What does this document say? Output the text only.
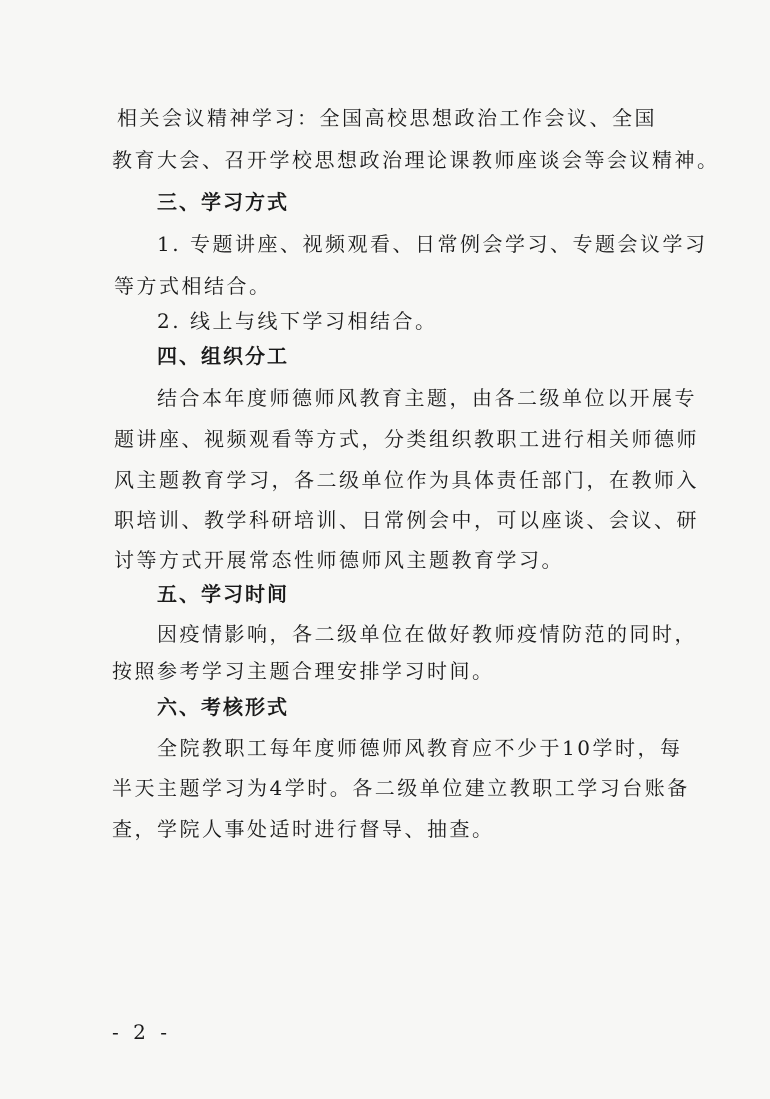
相关会议精神学习：全国高校思想政治工作会议、全国
教育大会、召开学校思想政治理论课教师座谈会等会议精神。
三、学习方式
1. 专题讲座、视频观看、日常例会学习、专题会议学习
等方式相结合。
2. 线上与线下学习相结合。
四、组织分工
结合本年度师德师风教育主题，由各二级单位以开展专
题讲座、视频观看等方式，分类组织教职工进行相关师德师
风主题教育学习，各二级单位作为具体责任部门，在教师入
职培训、教学科研培训、日常例会中，可以座谈、会议、研
讨等方式开展常态性师德师风主题教育学习。
五、学习时间
因疫情影响，各二级单位在做好教师疫情防范的同时，
按照参考学习主题合理安排学习时间。
六、考核形式
全院教职工每年度师德师风教育应不少于10学时，每
半天主题学习为4学时。各二级单位建立教职工学习台账备
查，学院人事处适时进行督导、抽查。
- 2 -
